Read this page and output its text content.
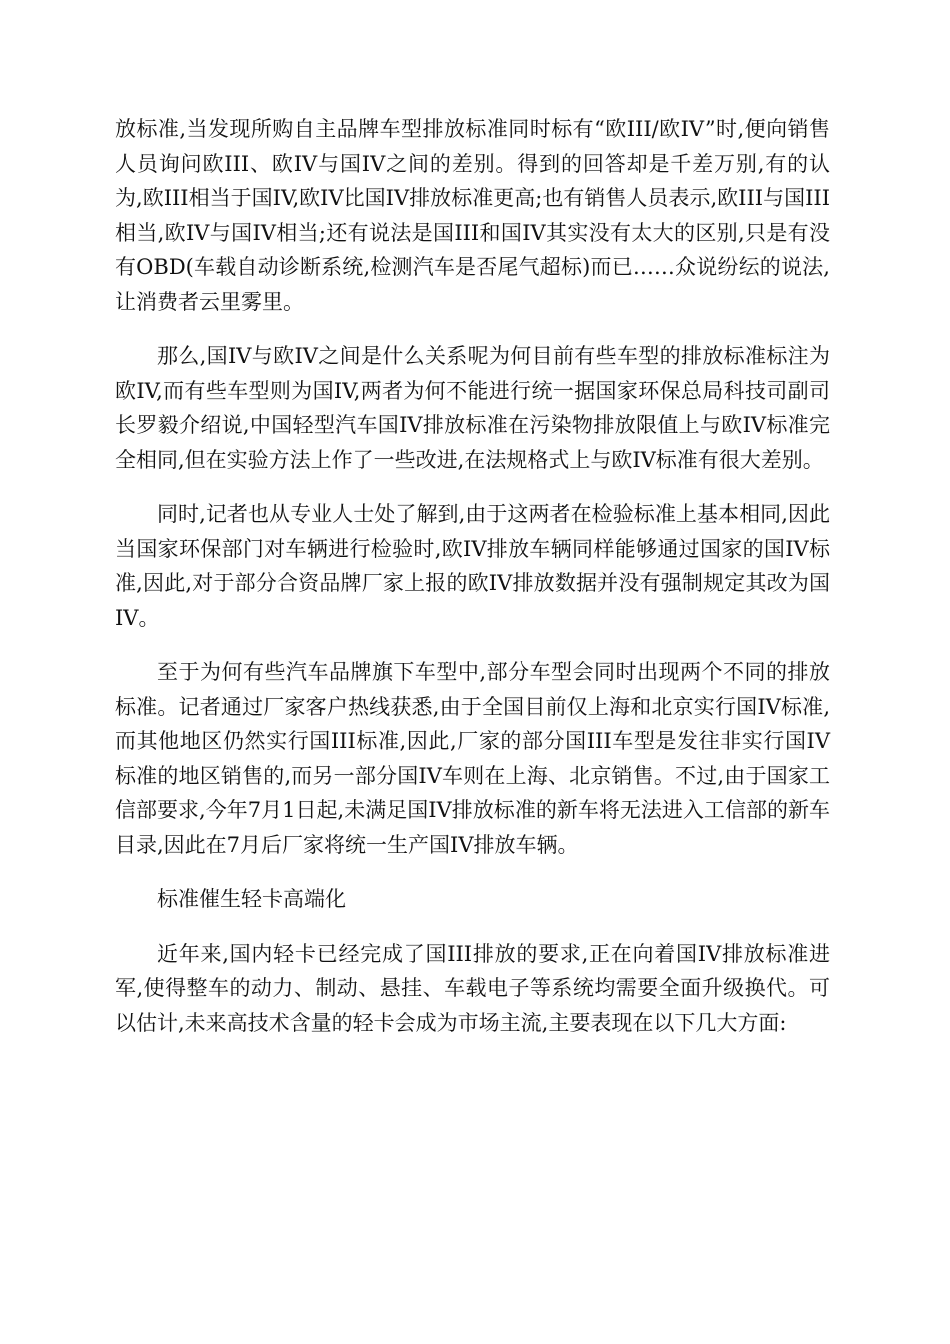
放标准,当发现所购自主品牌车型排放标准同时标有“欧III/欧IV”时,便向销售人员询问欧III、欧IV与国IV之间的差别。得到的回答却是千差万别,有的认为,欧III相当于国IV,欧IV比国IV排放标准更高;也有销售人员表示,欧III与国III相当,欧IV与国IV相当;还有说法是国III和国IV其实没有太大的区别,只是有没有OBD(车载自动诊断系统,检测汽车是否尾气超标)而已……众说纷纭的说法,让消费者云里雾里。

那么,国IV与欧IV之间是什么关系呢为何目前有些车型的排放标准标注为欧IV,而有些车型则为国IV,两者为何不能进行统一据国家环保总局科技司副司长罗毅介绍说,中国轻型汽车国IV排放标准在污染物排放限值上与欧IV标准完全相同,但在实验方法上作了一些改进,在法规格式上与欧IV标准有很大差别。

同时,记者也从专业人士处了解到,由于这两者在检验标准上基本相同,因此当国家环保部门对车辆进行检验时,欧IV排放车辆同样能够通过国家的国IV标准,因此,对于部分合资品牌厂家上报的欧IV排放数据并没有强制规定其改为国IV。

至于为何有些汽车品牌旗下车型中,部分车型会同时出现两个不同的排放标准。记者通过厂家客户热线获悉,由于全国目前仅上海和北京实行国IV标准,而其他地区仍然实行国III标准,因此,厂家的部分国III车型是发往非实行国IV标准的地区销售的,而另一部分国IV车则在上海、北京销售。不过,由于国家工信部要求,今年7月1日起,未满足国IV排放标准的新车将无法进入工信部的新车目录,因此在7月后厂家将统一生产国IV排放车辆。

标准催生轻卡高端化

近年来,国内轻卡已经完成了国III排放的要求,正在向着国IV排放标准进军,使得整车的动力、制动、悬挂、车载电子等系统均需要全面升级换代。可以估计,未来高技术含量的轻卡会成为市场主流,主要表现在以下几大方面:
